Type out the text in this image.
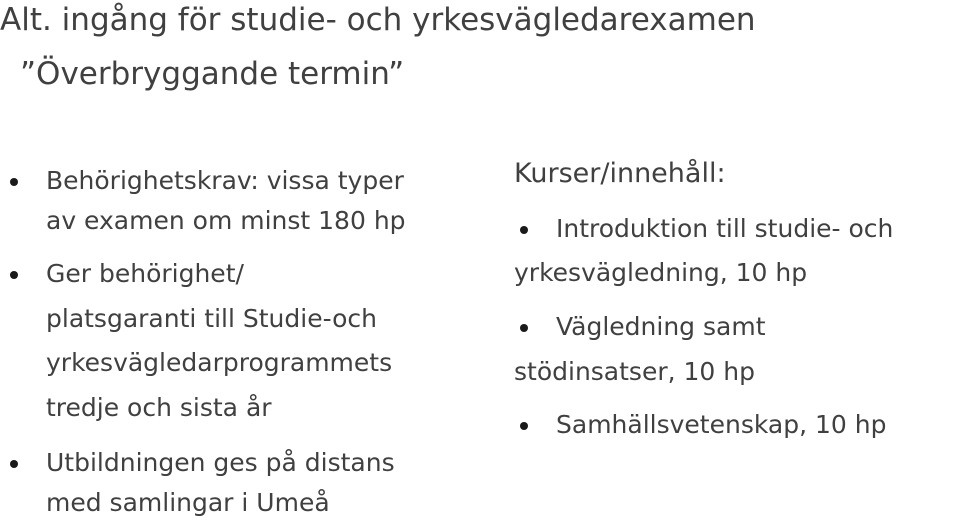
Alt. ingång för studie- och yrkesvägledarexamen
”Överbryggande termin”
Behörighetskrav: vissa typer
av examen om minst 180 hp
Ger behörighet/
platsgaranti till Studie-och
yrkesvägledarprogrammets
tredje och sista år
Utbildningen ges på distans
med samlingar i Umeå
Kurser/innehåll:
Introduktion till studie- och
yrkesvägledning, 10 hp
Vägledning samt
stödinsatser, 10 hp
Samhällsvetenskap, 10 hp
